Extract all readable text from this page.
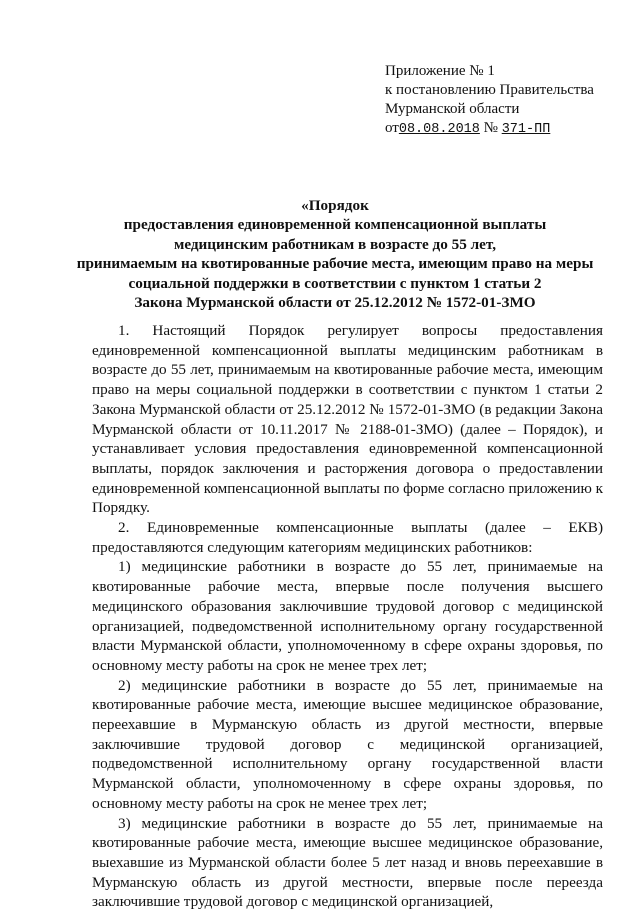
Приложение № 1
к постановлению Правительства
Мурманской области
от08.08.2018 № 371-ПП
«Порядок
предоставления единовременной компенсационной выплаты
медицинским работникам в возрасте до 55 лет,
принимаемым на квотированные рабочие места, имеющим право на меры
социальной поддержки в соответствии с пунктом 1 статьи 2
Закона Мурманской области от 25.12.2012 № 1572-01-ЗМО

1. Настоящий Порядок регулирует вопросы предоставления единовременной компенсационной выплаты медицинским работникам в возрасте до 55 лет, принимаемым на квотированные рабочие места, имеющим право на меры социальной поддержки в соответствии с пунктом 1 статьи 2 Закона Мурманской области от 25.12.2012 № 1572-01-ЗМО (в редакции Закона Мурманской области от 10.11.2017 № 2188-01-ЗМО) (далее – Порядок), и устанавливает условия предоставления единовременной компенсационной выплаты, порядок заключения и расторжения договора о предоставлении единовременной компенсационной выплаты по форме согласно приложению к Порядку.

2. Единовременные компенсационные выплаты (далее – ЕКВ) предоставляются следующим категориям медицинских работников:

1) медицинские работники в возрасте до 55 лет, принимаемые на квотированные рабочие места, впервые после получения высшего медицинского образования заключившие трудовой договор с медицинской организацией, подведомственной исполнительному органу государственной власти Мурманской области, уполномоченному в сфере охраны здоровья, по основному месту работы на срок не менее трех лет;

2) медицинские работники в возрасте до 55 лет, принимаемые на квотированные рабочие места, имеющие высшее медицинское образование, переехавшие в Мурманскую область из другой местности, впервые заключившие трудовой договор с медицинской организацией, подведомственной исполнительному органу государственной власти Мурманской области, уполномоченному в сфере охраны здоровья, по основному месту работы на срок не менее трех лет;

3) медицинские работники в возрасте до 55 лет, принимаемые на квотированные рабочие места, имеющие высшее медицинское образование, выехавшие из Мурманской области более 5 лет назад и вновь переехавшие в Мурманскую область из другой местности, впервые после переезда заключившие трудовой договор с медицинской организацией,
